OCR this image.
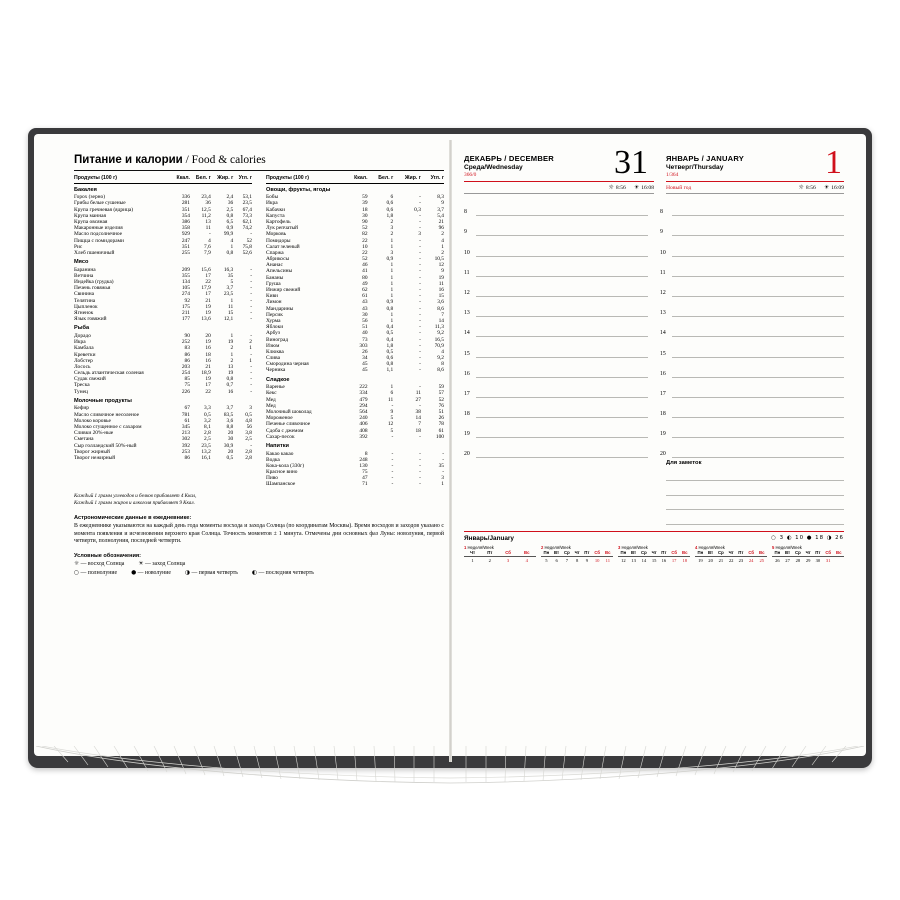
Питание и калории / Food & calories
Продукты (100 г)	Ккал.	Бел. г	Жир. г	Угл. г
Бакалея				
Горох (зерно)	336	23,4	2,4	53,1
Грибы белые сушеные	281	36	36	23,5
Крупа гречневая (ядрица)	351	12,5	2,5	67,4
Крупа манная	354	11,2	0,8	73,3
Крупа овсяная	386	13	6,5	62,1
Макаронные изделия	358	11	0,9	74,2
Масло подсолнечное	929	-	99,9	-
Пищца с помидорами	247	4	4	52
Рис	351	7,6	1	75,8
Хлеб пшеничный	255	7,9	0,8	52,6
Мясо				
Баранина	209	15,6	16,3	-
Ветчина	355	17	35	-
Индейка (грудка)	134	22	5	-
Печень говяжья	105	17,9	3,7	-
Свинина	274	17	23,5	-
Телятина	92	21	1	-
Цыпленок	175	19	11	-
Ягненок	211	19	15	-
Язык говяжий	177	13,6	12,1	-
Рыба				
Дорадо	90	20	1	-
Икра	252	19	19	2
Камбала	83	16	2	1
Креветки	86	18	1	-
Лобстер	86	16	2	1
Лосось	203	21	13	-
Сельдь атлантическая соленая	254	18,9	19	-
Судак свежий	85	19	0,8	-
Треска	75	17	0,7	-
Тунец	226	22	16	-
Молочные продукты				
Кефир	67	3,3	3,7	3
Масло сливочное несоленое	781	0,5	83,5	0,5
Молоко коровье	61	3,2	3,6	4,8
Молоко сгущенное с сахаром	345	8,1	8,8	56
Сливки 20%-ные	213	2,8	20	3,8
Сметана	302	2,5	30	2,5
Сыр голландский 50%-ный	392	23,5	30,9	-
Творог жирный	253	13,2	20	2,8
Творог нежирный	86	16,1	0,5	2,8
Продукты (100 г)	Ккал.	Бел. г	Жир. г	Угл. г
Овощи, фрукты, ягоды				
Бобы	59	6	-	8,3
Икра	39	0,6	-	9
Кабачки	18	0,6	0,3	3,7
Капуста	30	1,8	-	5,4
Картофель	90	2	-	21
Лук репчатый	52	3	-	96
Морковь	82	2	3	2
Помидоры	22	1	-	4
Салат зеленый	10	1	-	1
Спаржа	22	3	-	2
Абрикосы	52	0,9	-	10,5
Ананас	46	1	-	12
Апельсины	41	1	-	9
Бананы	80	1	-	19
Груша	49	1	-	11
Инжир свежий	62	1	-	16
Киви	61	1	-	15
Лимон	43	0,9	-	3,6
Мандарины	43	0,8	-	8,6
Персик	30	1	-	7
Хурма	56	1	-	14
Яблоки	51	0,4	-	11,3
Арбуз	40	0,5	-	9,2
Виноград	73	0,4	-	16,5
Изюм	303	1,8	-	70,9
Клюква	26	0,5	-	4
Слива	34	0,6	-	9,2
Смородина черная	45	0,8	-	8
Черника	45	1,1	-	8,6
Сладкое				
Варенье	222	1	-	59
Кекс	334	6	11	57
Мед	479	11	27	52
Мед	294	-	-	76
Молочный шоколад	564	9	38	51
Мороженое	240	5	14	26
Печенье сливочное	406	12	7	78
Сдоба с джемом	408	5	18	61
Сахар-песок	392	-	-	100
Напитки				
Какао какао	8	-	-	-
Водка	248	-	-	-
Кока-кола (330г)	130	-	-	35
Красное вино	75	-	-	-
Пиво	47	-	-	3
Шампанское	71	-	-	1
Каждый 1 грамм углеводов и белков прибавляет 4 Ккал,
Каждый 1 грамм жиров и алкоголя прибавляет 9 Ккал.
Астрономические данные в ежедневнике:
В ежедневнике указываются на каждый день года моменты восхода и захода Солнца (по координатам Москвы). Время восходов и заходов указано с момента появления и исчезновения верхнего края Солнца. Точность моментов ± 1 минута. Отмечены дни основных фаз Луны: новолуния, первой четверти, полнолуния, последней четверти.
Условные обозначения:
☼ — восход Солнца ☀ — заход Солнца
○ — полнолуние ● — новолуние ◑ — первая четверть ◐ — последняя четверть
ДЕКАБРЬ / DECEMBER
Среда/Wednesday
366/0	31 ЯНВАРЬ / JANUARY
Четверг/Thursday
1/364	1
☼ 8:56 ☀ 16:08 Новый год	☼ 8:56 ☀ 16:09
8	8
9	9
10	10
11	11
12	12
13	13
14	14
15	15
16	16
17	17
18	18
19	19
20	20
Для заметок
Январь/January	○ 3 ◐ 10 ● 18 ◑ 26
1 Неделя/Week
Чт	Пт	Сб	Вс
1	2	3	4
2 Неделя/Week
Пн	Вт	Ср	Чт	Пт	Сб	Вс
5	6	7	8	9	10	11
3 Неделя/Week
Пн	Вт	Ср	Чт	Пт	Сб	Вс
12	13	14	15	16	17	18
4 Неделя/Week
Пн	Вт	Ср	Чт	Пт	Сб	Вс
19	20	21	22	23	24	25
5 Неделя/Week
Пн	Вт	Ср	Чт	Пт	Сб	Вс
26	27	28	29	30	31	
